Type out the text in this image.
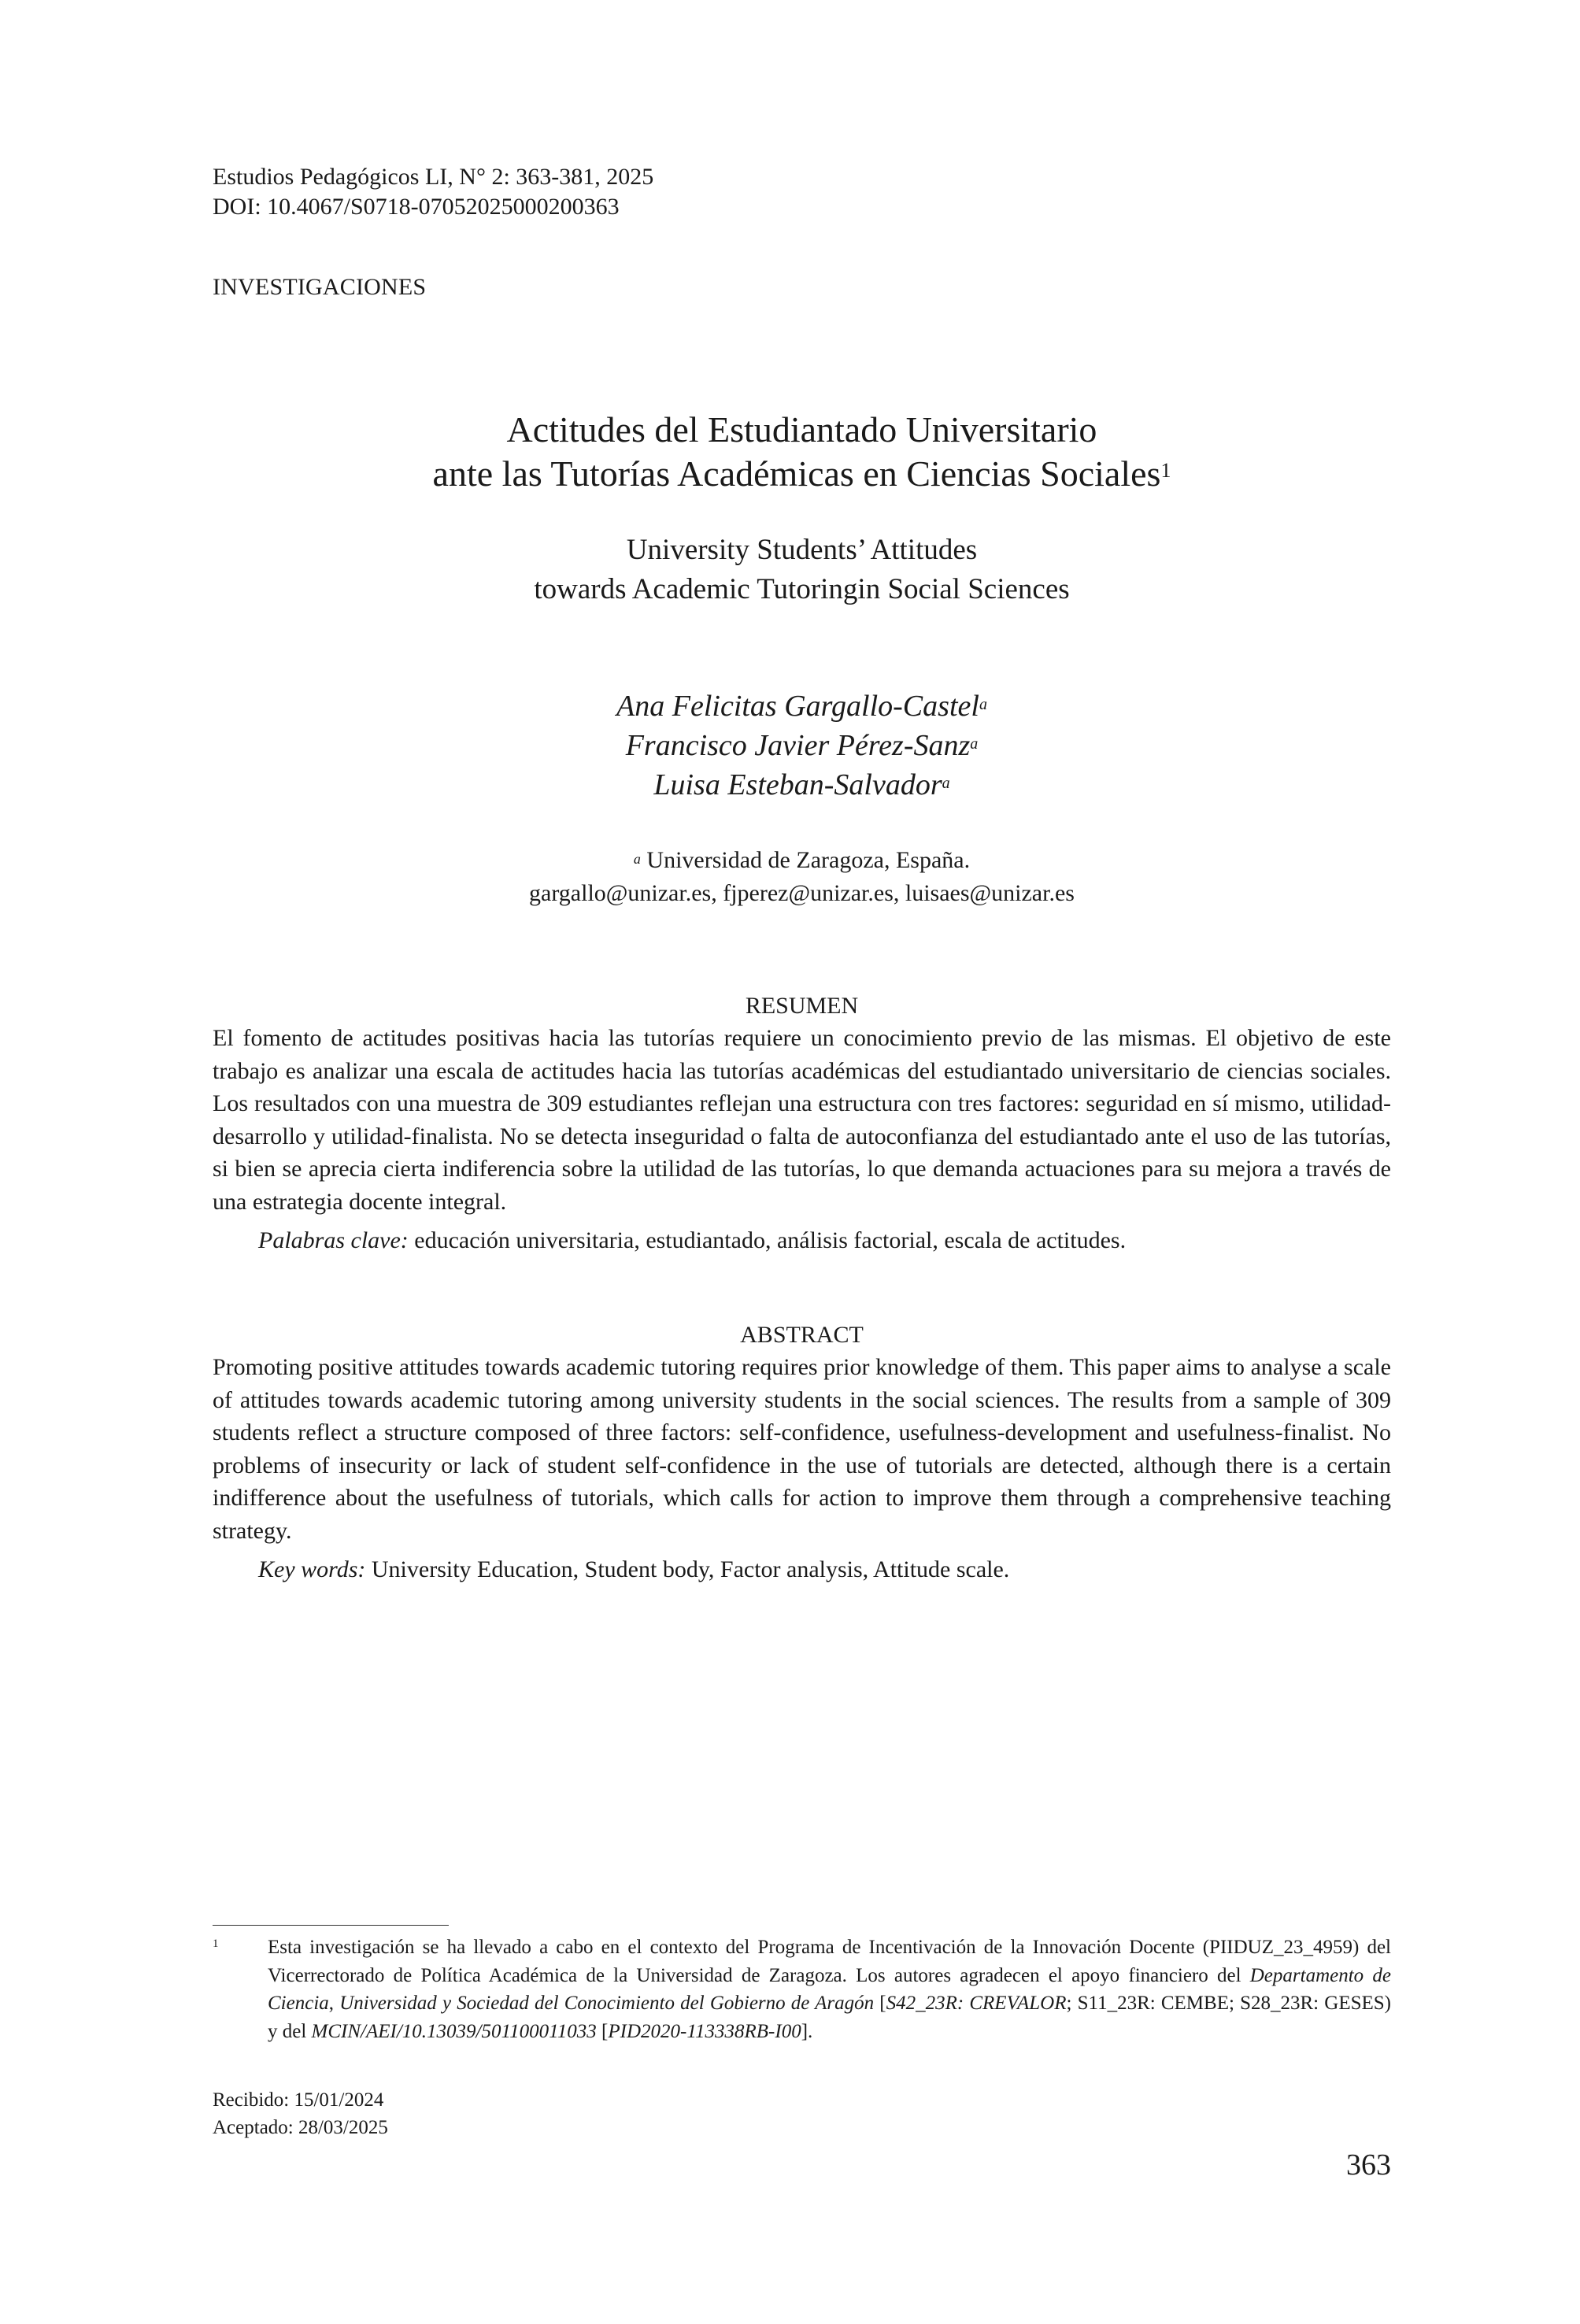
Estudios Pedagógicos LI, N° 2: 363-381, 2025
DOI: 10.4067/S0718-07052025000200363
INVESTIGACIONES
Actitudes del Estudiantado Universitario
ante las Tutorías Académicas en Ciencias Sociales$^1$
University Students’ Attitudes
towards Academic Tutoringin Social Sciences
Ana Felicitas Gargallo-Castel$^a$
Francisco Javier Pérez-Sanz$^a$
Luisa Esteban-Salvador$^a$
$^a$ Universidad de Zaragoza, España.
gargallo@unizar.es, fjperez@unizar.es, luisaes@unizar.es
RESUMEN

El fomento de actitudes positivas hacia las tutorías requiere un conocimiento previo de las mismas. El objetivo de este trabajo es analizar una escala de actitudes hacia las tutorías académicas del estudiantado universitario de ciencias sociales. Los resultados con una muestra de 309 estudiantes reflejan una estructura con tres factores: seguridad en sí mismo, utilidad-desarrollo y utilidad-finalista. No se detecta inseguridad o falta de autoconfianza del estudiantado ante el uso de las tutorías, si bien se aprecia cierta indiferencia sobre la utilidad de las tutorías, lo que demanda actuaciones para su mejora a través de una estrategia docente integral.

Palabras clave: educación universitaria, estudiantado, análisis factorial, escala de actitudes.

ABSTRACT

Promoting positive attitudes towards academic tutoring requires prior knowledge of them. This paper aims to analyse a scale of attitudes towards academic tutoring among university students in the social sciences. The results from a sample of 309 students reflect a structure composed of three factors: self-confidence, usefulness-development and usefulness-finalist. No problems of insecurity or lack of student self-confidence in the use of tutorials are detected, although there is a certain indifference about the usefulness of tutorials, which calls for action to improve them through a comprehensive teaching strategy.

Key words: University Education, Student body, Factor analysis, Attitude scale.

1	Esta investigación se ha llevado a cabo en el contexto del Programa de Incentivación de la Innovación Docente (PIIDUZ_23_4959) del Vicerrectorado de Política Académica de la Universidad de Zaragoza. Los autores agradecen el apoyo financiero del Departamento de Ciencia, Universidad y Sociedad del Conocimiento del Gobierno de Aragón [S42_23R: CREVALOR; S11_23R: CEMBE; S28_23R: GESES) y del MCIN/AEI/10.13039/501100011033 [PID2020-113338RB-I00].
Recibido: 15/01/2024
Aceptado: 28/03/2025
363
